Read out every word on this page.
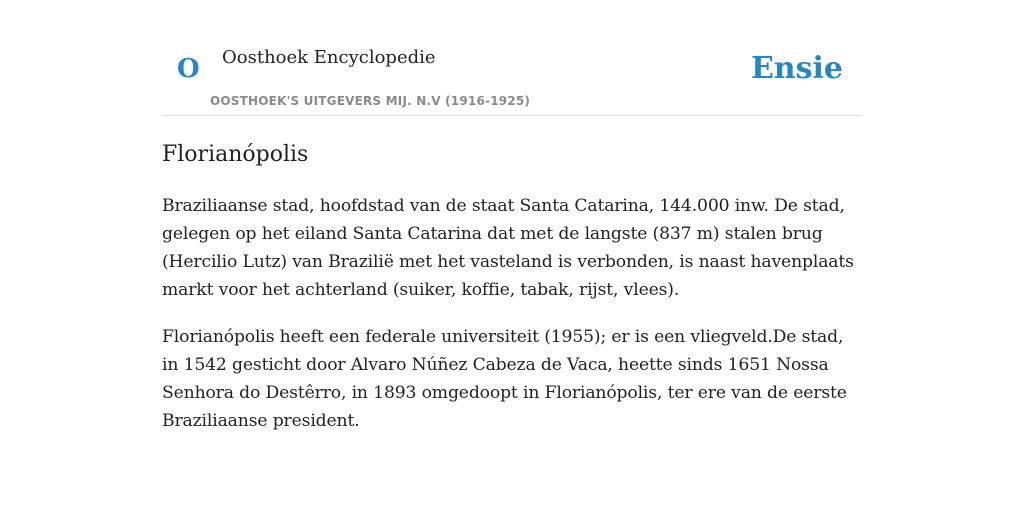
O Oosthoek Encyclopedie
OOSTHOEK'S UITGEVERS MIJ. N.V (1916-1925)
Ensie
Florianópolis

Braziliaanse stad, hoofdstad van de staat Santa Catarina, 144.000 inw. De stad, gelegen op het eiland Santa Catarina dat met de langste (837 m) stalen brug (Hercilio Lutz) van Brazilië met het vasteland is verbonden, is naast havenplaats markt voor het achterland (suiker, koffie, tabak, rijst, vlees).

Florianópolis heeft een federale universiteit (1955); er is een vliegveld.De stad, in 1542 gesticht door Alvaro Núñez Cabeza de Vaca, heette sinds 1651 Nossa Senhora do Destêrro, in 1893 omgedoopt in Florianópolis, ter ere van de eerste Braziliaanse president.
